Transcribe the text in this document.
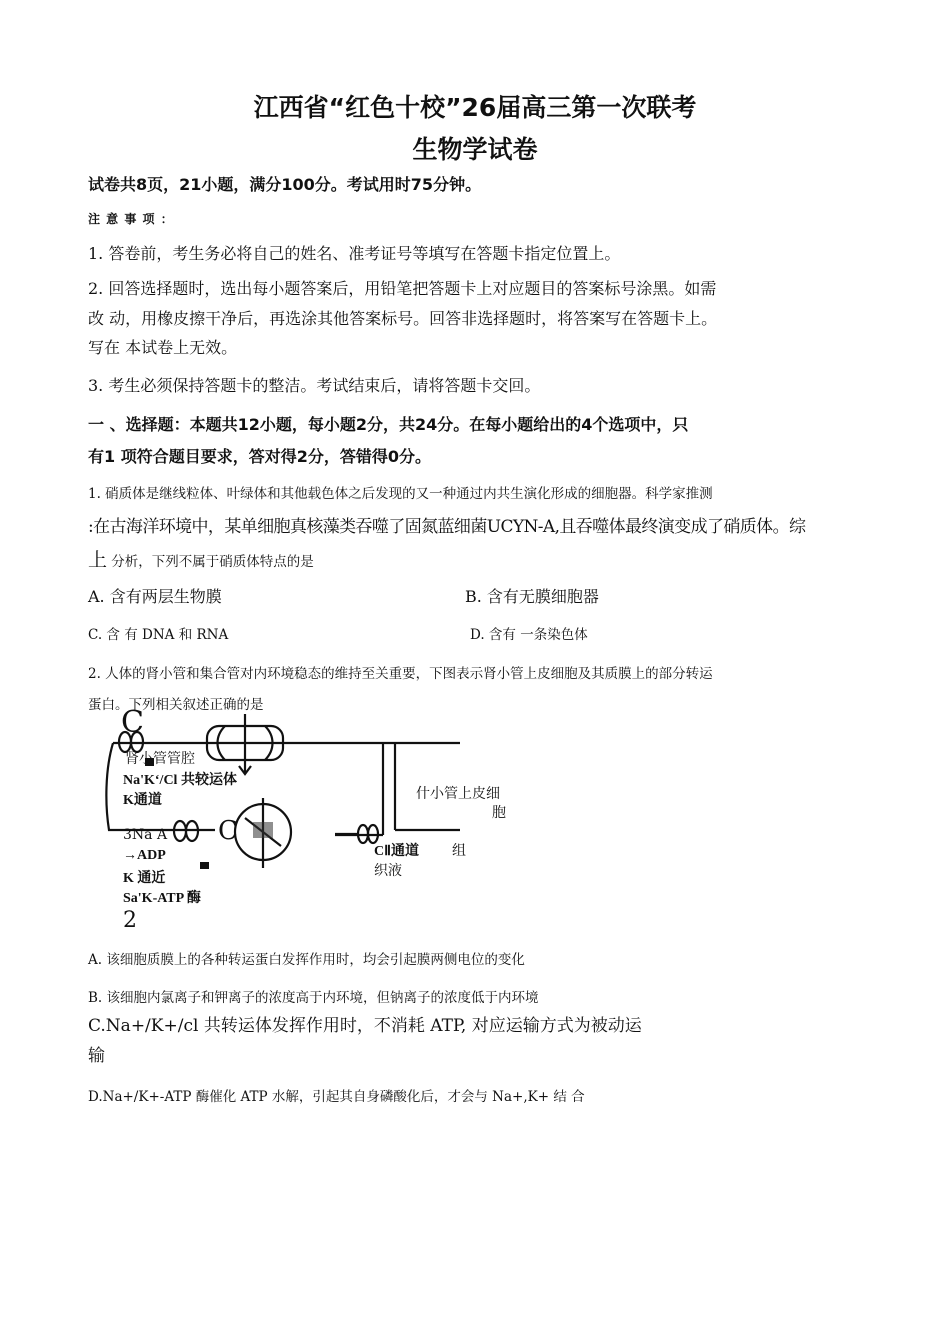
江西省“红色十校”26届高三第一次联考
生物学试卷
试卷共8页，21小题，满分100分。考试用时75分钟。
注 意 事 项 ：
1. 答卷前，考生务必将自己的姓名、准考证号等填写在答题卡指定位置上。
2. 回答选择题时，选出每小题答案后，用铅笔把答题卡上对应题目的答案标号涂黑。如需
改 动，用橡皮擦干净后，再选涂其他答案标号。回答非选择题时，将答案写在答题卡上。
写在 本试卷上无效。
3. 考生必须保持答题卡的整洁。考试结束后，请将答题卡交回。
一 、选择题：本题共12小题，每小题2分，共24分。在每小题给出的4个选项中，只
有1 项符合题目要求，答对得2分，答错得0分。
1. 硝质体是继线粒体、叶绿体和其他载色体之后发现的又一种通过内共生演化形成的细胞器。科学家推测
:在古海洋环境中，某单细胞真核藻类吞噬了固氮蓝细菌UCYN-A,且吞噬体最终演变成了硝质体。综
上 分析，下列不属于硝质体特点的是
A. 含有两层生物膜	B. 含有无膜细胞器
C. 含 有 DNA 和 RNA	D. 含有 一条染色体
2. 人体的肾小管和集合管对内环境稳态的维持至关重要，下图表示肾小管上皮细胞及其质膜上的部分转运
蛋白。下列相关叙述正确的是
C
肾小管管腔
Na'K‘/Cl 共较运体
K通道
3Na A C
→ADP
K 通近
Sa'K-ATP 酶
2
什小管上皮细
胞
CⅡ通道 组
织液
A. 该细胞质膜上的各种转运蛋白发挥作用时，均会引起膜两侧电位的变化
B. 该细胞内氯离子和钾离子的浓度高于内环境，但钠离子的浓度低于内环境
C.Na+/K+/cl 共转运体发挥作用时，不消耗 ATP, 对应运输方式为被动运
输
D.Na+/K+-ATP 酶催化 ATP 水解，引起其自身磷酸化后，才会与 Na+,K+ 结 合
